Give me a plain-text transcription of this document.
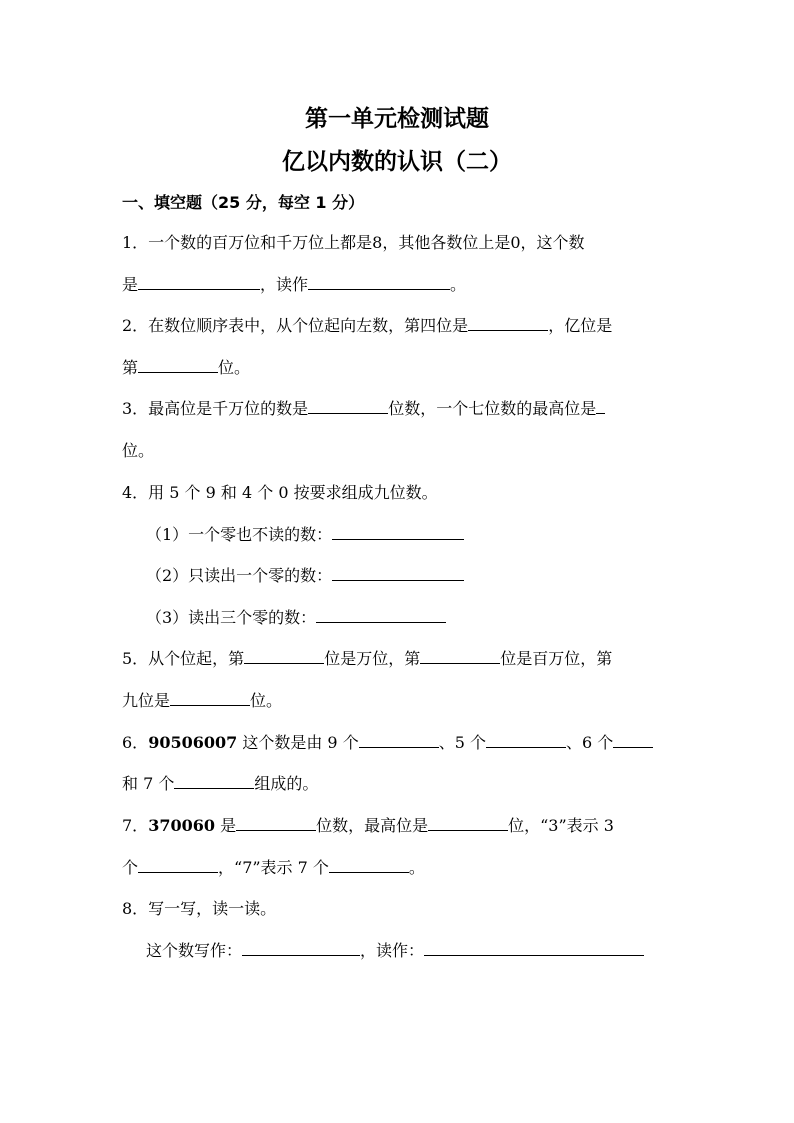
第一单元检测试题
亿以内数的认识（二）
一、填空题（25 分，每空 1 分）
1．一个数的百万位和千万位上都是8，其他各数位上是0，这个数
是	，读作	。
2．在数位顺序表中，从个位起向左数，第四位是	，亿位是
第	位。
3．最高位是千万位的数是	位数，一个七位数的最高位是
位。
4．用 5 个 9 和 4 个 0 按要求组成九位数。
（1）一个零也不读的数：
（2）只读出一个零的数：
（3）读出三个零的数：
5．从个位起，第	位是万位，第	位是百万位，第
九位是	位。
6．90506007 这个数是由 9 个	、5 个	、6 个
和 7 个	组成的。
7．370060 是	位数，最高位是	位，“3”表示 3
个	，“7”表示 7 个	。
8．写一写，读一读。
这个数写作：	，读作：
